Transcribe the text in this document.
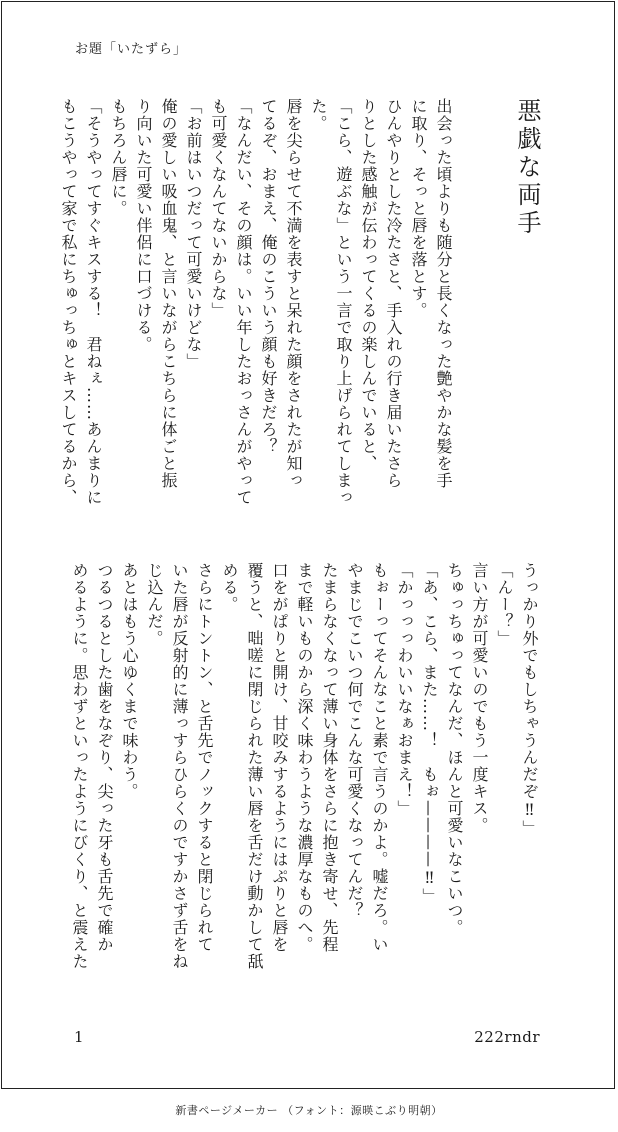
お題「いたずら」
悪戯な両手

出会った頃よりも随分と長くなった艶やかな髪を手

に取り、そっと唇を落とす。

ひんやりとした冷たさと、手入れの行き届いたさら

りとした感触が伝わってくるの楽しんでいると、

「こら、遊ぶな」という一言で取り上げられてしまっ

た。

唇を尖らせて不満を表すと呆れた顔をされたが知っ

てるぞ、おまえ、俺のこういう顔も好きだろ？

「なんだい、その顔は。いい年したおっさんがやって

も可愛くなんてないからな」

「お前はいつだって可愛いけどな」

俺の愛しい吸血鬼、と言いながらこちらに体ごと振

り向いた可愛い伴侶に口づける。

もちろん唇に。

「そうやってすぐキスする！　君ねぇ……あんまりに

もこうやって家で私にちゅっちゅとキスしてるから、

うっかり外でもしちゃうんだぞ‼」

「んー？」

言い方が可愛いのでもう一度キス。

ちゅっちゅってなんだ、ほんと可愛いなこいつ。

「あ、こら、また……！　もぉ————‼」

「かっっっわいいなぁおまえ！」

もぉーってそんなこと素で言うのかよ。嘘だろ。い

やまじでこいつ何でこんな可愛くなってんだ？

たまらなくなって薄い身体をさらに抱き寄せ、先程

まで軽いものから深く味わうような濃厚なものへ。

口をがぱりと開け、甘咬みするようにはぷりと唇を

覆うと、咄嗟に閉じられた薄い唇を舌だけ動かして舐

める。

さらにトントン、と舌先でノックすると閉じられて

いた唇が反射的に薄っすらひらくのですかさず舌をね

じ込んだ。

あとはもう心ゆくまで味わう。

つるつるとした歯をなぞり、尖った牙も舌先で確か

めるように。思わずといったようにびくり、と震えた

1	222rndr
新書ページメーカー （フォント：源暎こぶり明朝）
